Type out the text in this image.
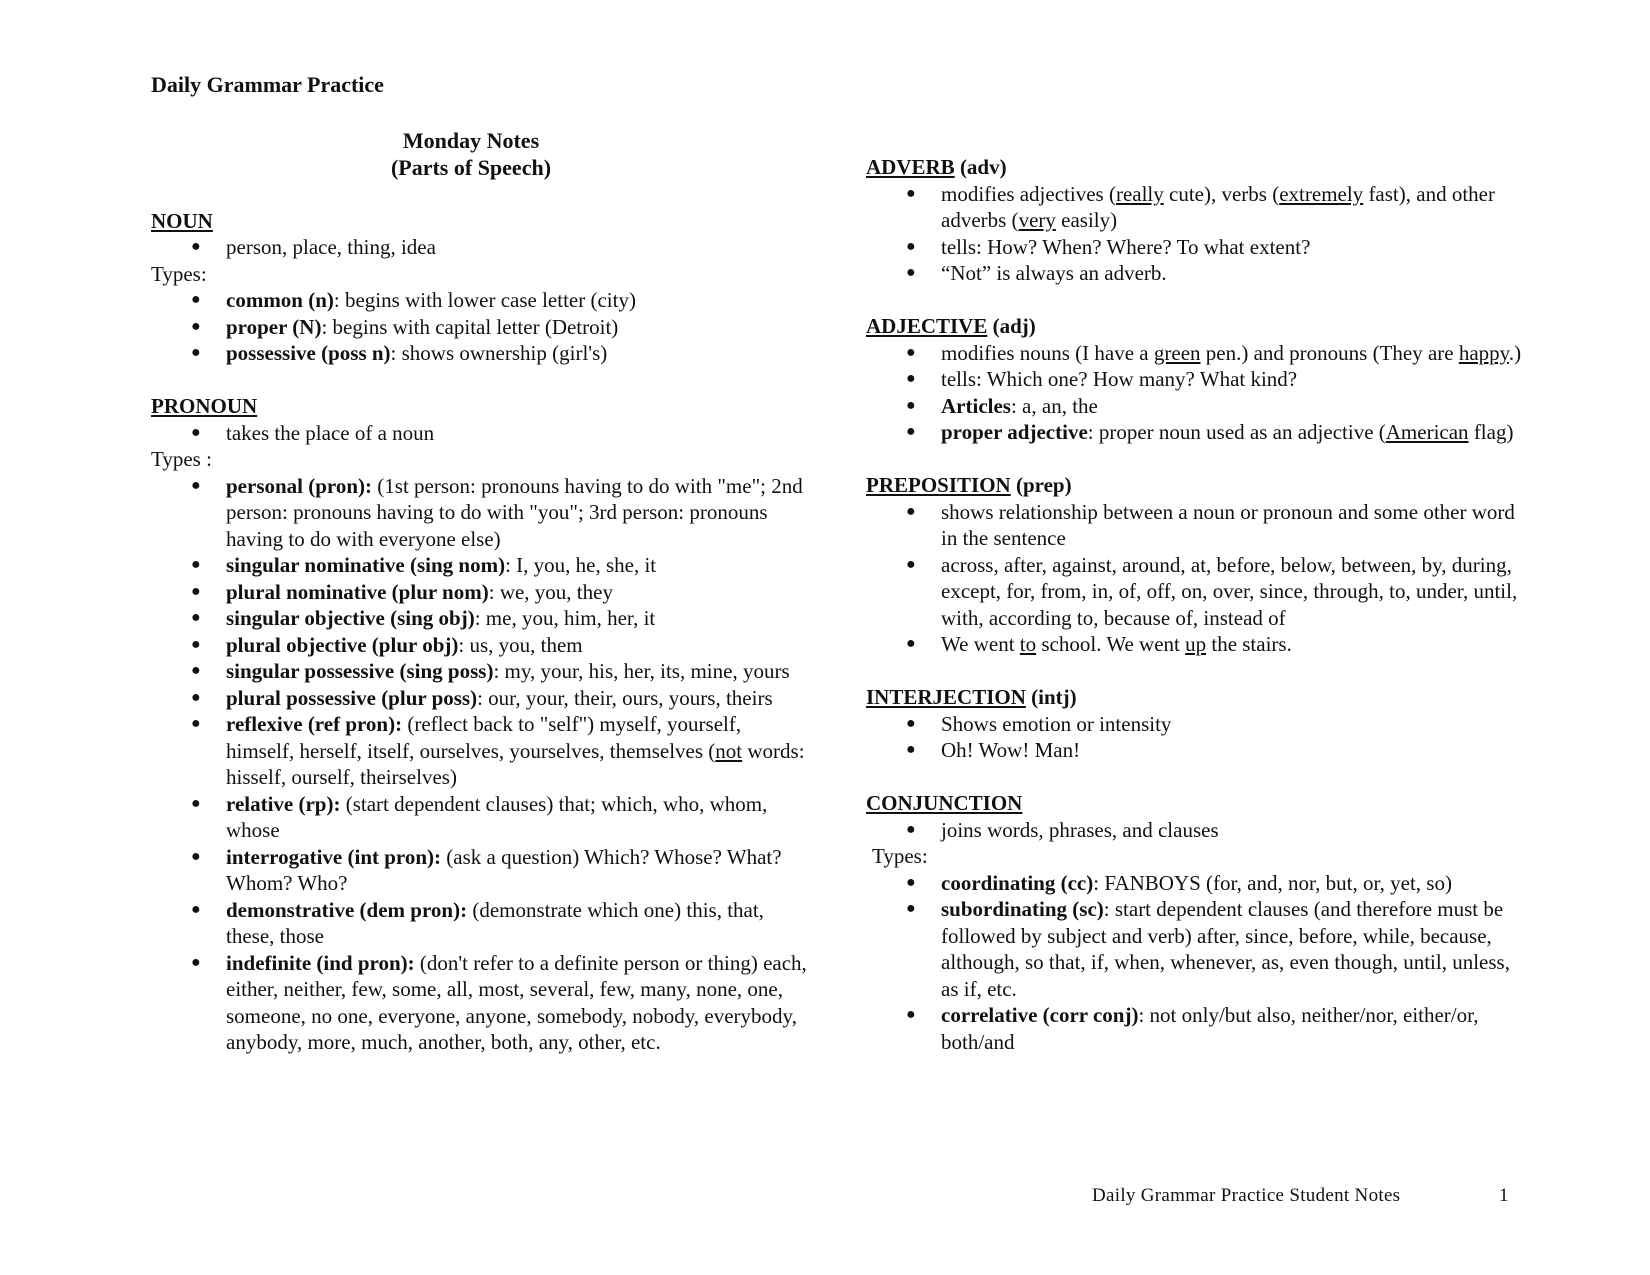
Daily Grammar Practice
Monday Notes
(Parts of Speech)
NOUN
● person, place, thing, idea
Types:
● common (n): begins with lower case letter (city)
● proper (N): begins with capital letter (Detroit)
● possessive (poss n): shows ownership (girl's)
PRONOUN
● takes the place of a noun
Types :
● personal (pron): (1st person: pronouns having to do with "me"; 2nd person: pronouns having to do with "you"; 3rd person: pronouns having to do with everyone else)
● singular nominative (sing nom): I, you, he, she, it
● plural nominative (plur nom): we, you, they
● singular objective (sing obj): me, you, him, her, it
● plural objective (plur obj): us, you, them
● singular possessive (sing poss): my, your, his, her, its, mine, yours
● plural possessive (plur poss): our, your, their, ours, yours, theirs
● reflexive (ref pron): (reflect back to "self") myself, yourself, himself, herself, itself, ourselves, yourselves, themselves (not words: hisself, ourself, theirselves)
● relative (rp): (start dependent clauses) that; which, who, whom, whose
● interrogative (int pron): (ask a question) Which? Whose? What? Whom? Who?
● demonstrative (dem pron): (demonstrate which one) this, that, these, those
● indefinite (ind pron): (don't refer to a definite person or thing) each, either, neither, few, some, all, most, several, few, many, none, one, someone, no one, everyone, anyone, somebody, nobody, everybody, anybody, more, much, another, both, any, other, etc.
ADVERB (adv)
● modifies adjectives (really cute), verbs (extremely fast), and other adverbs (very easily)
● tells: How? When? Where? To what extent?
● “Not” is always an adverb.
ADJECTIVE (adj)
● modifies nouns (I have a green pen.) and pronouns (They are happy.)
● tells: Which one? How many? What kind?
● Articles: a, an, the
● proper adjective: proper noun used as an adjective (American flag)
PREPOSITION (prep)
● shows relationship between a noun or pronoun and some other word in the sentence
● across, after, against, around, at, before, below, between, by, during, except, for, from, in, of, off, on, over, since, through, to, under, until, with, according to, because of, instead of
● We went to school. We went up the stairs.
INTERJECTION (intj)
● Shows emotion or intensity
● Oh! Wow! Man!
CONJUNCTION
● joins words, phrases, and clauses
Types:
● coordinating (cc): FANBOYS (for, and, nor, but, or, yet, so)
● subordinating (sc): start dependent clauses (and therefore must be followed by subject and verb) after, since, before, while, because, although, so that, if, when, whenever, as, even though, until, unless, as if, etc.
● correlative (corr conj): not only/but also, neither/nor, either/or, both/and
Daily Grammar Practice Student Notes	1
